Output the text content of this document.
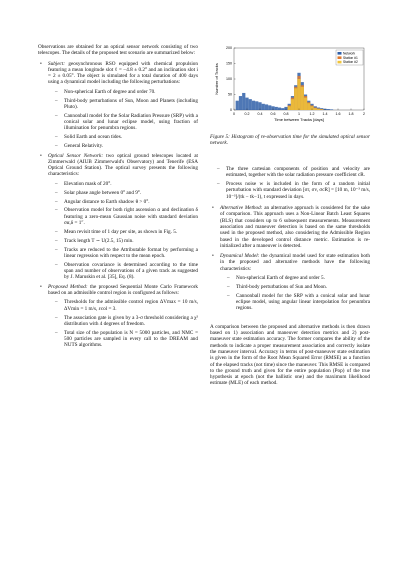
Observations are obtained for an optical sensor network consisting of two telescopes. The details of the proposed test scenario are summarized below:

• Subject: geosynchronous RSO equipped with chemical propulsion featuring a mean longitude slot ℓ = −4.8 ± 0.2° and an inclination slot i = 2 ± 0.05°. The object is simulated for a total duration of 400 days using a dynamical model including the following perturbations:
– Non-spherical Earth of degree and order 70.
– Third-body perturbations of Sun, Moon and Planets (including Pluto).
– Cannonball model for the Solar Radiation Pressure (SRP) with a conical solar and lunar eclipse model, using fraction of illumination for penumbra regions.
– Solid Earth and ocean tides.
– General Relativity.
• Optical Sensor Network: two optical ground telescopes located at Zimmerwald (AIUB Zimmerwald's Observatory) and Tenerife (ESA Optical Ground Station). The optical survey presents the following characteristics:
– Elevation mask of 20°.
– Solar phase angle between 0° and 9°.
– Angular distance to Earth shadow θ > 0°.
– Observation model for both right ascension α and declination δ featuring a zero-mean Gaussian noise with standard deviation σα,δ = 1″.
– Mean revisit time of 1 day per site, as shown in Fig. 5.
– Track length T ∼ U(2.5, 15) min.
– Tracks are reduced to the Attributable format by performing a linear regression with respect to the mean epoch.
– Observation covariance is determined according to the time span and number of observations of a given track as suggested by J. Maruskin et al. [35], Eq. (8).
• Proposed Method: the proposed Sequential Monte Carlo Framework based on an admissible control region is configured as follows:
– Thresholds for the admissible control region ΔVmax = 10 m/s, ΔVmin = 1 m/s, εcol = 3.
– The association gate is given by a 3-σ threshold considering a χ² distribution with 4 degrees of freedom.
– Total size of the population is N = 5000 particles, and NMC = 500 particles are sampled in every call to the DREAM and NUTS algorithms.
0	0.2 0.4 0.6 0.8	1	1.2 1.4 1.6 1.8	2
0
50
100
150
200
Time between Tracks [days]
Number of Tracks
Network
Station #1
Station #2
Figure 5: Histogram of re-observation time for the simulated optical sensor network.
– The three cartesian components of position and velocity are estimated, together with the solar radiation pressure coefficient cR.
– Process noise w is included in the form of a random initial perturbation with standard deviation [σr, σv, σcR] = [10 m, 10⁻³ m/s, 10⁻³]/(tk − tk−1), t expressed in days.
• Alternative Method: an alternative approach is considered for the sake of comparison. This approach uses a Non-Linear Batch Least Squares (BLS) that considers up to 6 subsequent measurements. Measurement association and maneuver detection is based on the same thresholds used in the proposed method, also considering the Admissible Region based in the developed control distance metric. Estimation is re-initialized after a maneuver is detected.
• Dynamical Model: the dynamical model used for state estimation both in the proposed and alternative methods have the following characteristics:
– Non-spherical Earth of degree and order 5.
– Third-body perturbations of Sun and Moon.
– Cannonball model for the SRP with a conical solar and lunar eclipse model, using angular linear interpolation for penumbra regions.

A comparison between the proposed and alternative methods is then drawn based on 1) association and maneuver detection metrics and 2) post-maneuver state estimation accuracy. The former compares the ability of the methods to indicate a proper measurement association and correctly isolate the maneuver interval. Accuracy in terms of post-maneuver state estimation is given in the form of the Root Mean Squared Error (RMSE) as a function of the elapsed tracks (not time) since the maneuver. This RMSE is compared to the ground truth and given for the entire population (Pop) of the true hypothesis at epoch (not the ballistic one) and the maximum likelihood estimate (MLE) of each method.
